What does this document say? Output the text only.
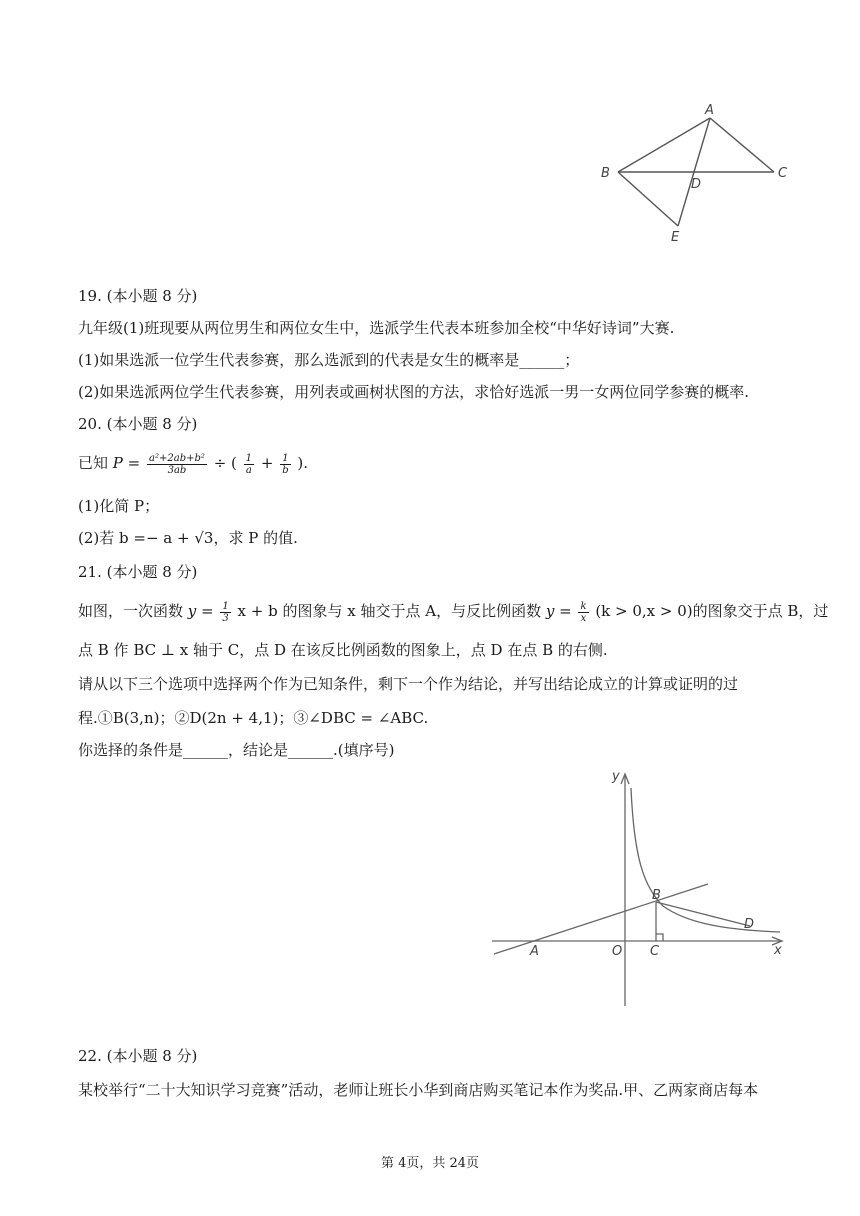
A
B	C
D
E
19. (本小题 8 分)
九年级(1)班现要从两位男生和两位女生中，选派学生代表本班参加全校“中华好诗词”大赛.
(1)如果选派一位学生代表参赛，那么选派到的代表是女生的概率是______；
(2)如果选派两位学生代表参赛，用列表或画树状图的方法，求恰好选派一男一女两位同学参赛的概率.
20. (本小题 8 分)
已知 $P = \frac{\text{a²+2ab+b²}}{3ab}$ ÷ ( $\frac{1}{a} + \frac{1}{b}$ ).
(1)化简 P；
(2)若 b =− a + √3，求 P 的值.
21. (本小题 8 分)
如图，一次函数 $y = \frac{1}{3}$ x + b 的图象与 x 轴交于点 A，与反比例函数 $y = \frac{k}{x} (k > 0,x > 0)$的图象交于点 B，过
点 B 作 BC ⊥ x 轴于 C，点 D 在该反比例函数的图象上，点 D 在点 B 的右侧.
请从以下三个选项中选择两个作为已知条件，剩下一个作为结论，并写出结论成立的计算或证明的过
程.①B(3,n)；②D(2n + 4,1)；③∠DBC = ∠ABC.
你选择的条件是______，结论是______.(填序号)
y
x
O
A
B
C
D
22. (本小题 8 分)
某校举行“二十大知识学习竞赛”活动，老师让班长小华到商店购买笔记本作为奖品.甲、乙两家商店每本
第 4页，共 24页
